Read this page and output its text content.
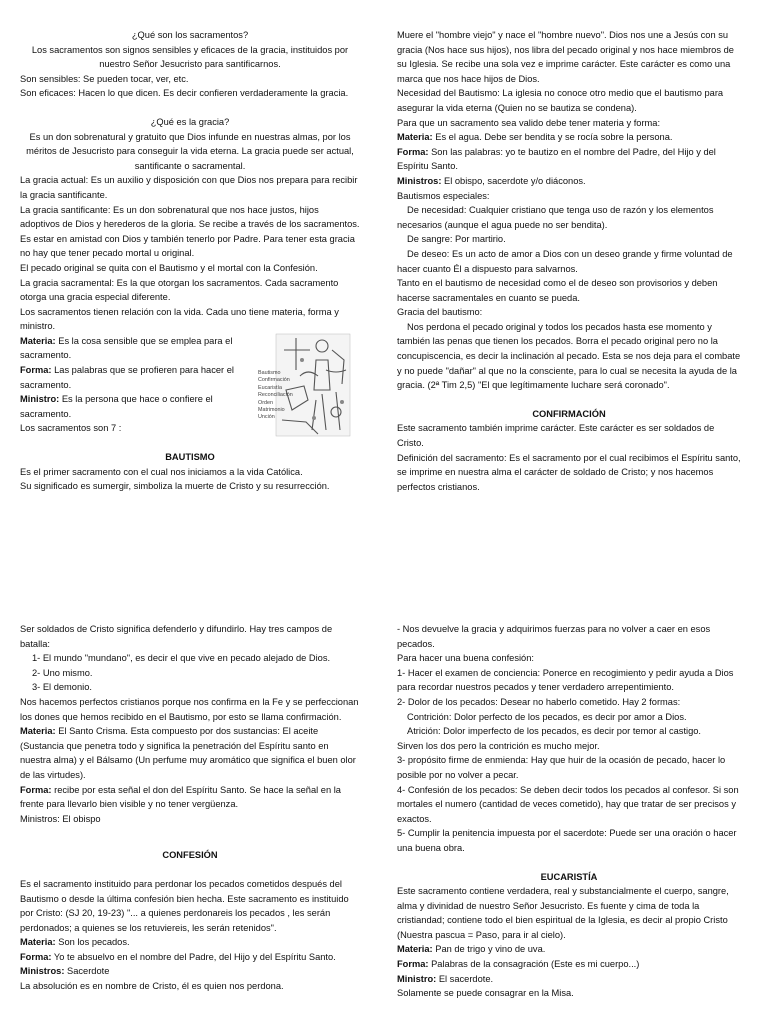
¿Qué son los sacramentos?

Los sacramentos son signos sensibles y eficaces de la gracia, instituidos por nuestro Señor Jesucristo para santificarnos.

Son sensibles: Se pueden tocar, ver, etc.

Son eficaces: Hacen lo que dicen. Es decir confieren verdaderamente la gracia.

¿Qué es la gracia?

Es un don sobrenatural y gratuito que Dios infunde en nuestras almas, por los méritos de Jesucristo para conseguir la vida eterna. La gracia puede ser actual, santificante o sacramental.

La gracia actual: Es un auxilio y disposición con que Dios nos prepara para recibir la gracia santificante.

La gracia santificante: Es un don sobrenatural que nos hace justos, hijos adoptivos de Dios y herederos de la gloria. Se recibe a través de los sacramentos. Es estar en amistad con Dios y también tenerlo por Padre. Para tener esta gracia no hay que tener pecado mortal u original.

El pecado original se quita con el Bautismo y el mortal con la Confesión.

La gracia sacramental: Es la que otorgan los sacramentos. Cada sacramento otorga una gracia especial diferente.

Los sacramentos tienen relación con la vida. Cada uno tiene materia, forma y ministro.

Materia: Es la cosa sensible que se emplea para el sacramento.

Forma: Las palabras que se profieren para hacer el sacramento.

Ministro: Es la persona que hace o confiere el sacramento.

Los sacramentos son 7 :

BAUTISMO

Es el primer sacramento con el cual nos iniciamos a la vida Católica.

Su significado es sumergir, simboliza la muerte de Cristo y su resurrección.

Bautismo
Confirmación
Eucaristía
Reconciliación
Orden
Matrimonio
Unción

Muere el "hombre viejo" y nace el "hombre nuevo". Dios nos une a Jesús con su gracia (Nos hace sus hijos), nos libra del pecado original y nos hace miembros de su Iglesia. Se recibe una sola vez e imprime carácter. Este carácter es como una marca que nos hace hijos de Dios.

Necesidad del Bautismo: La iglesia no conoce otro medio que el bautismo para asegurar la vida eterna (Quien no se bautiza se condena).

Para que un sacramento sea valido debe tener materia y forma:

Materia: Es el agua. Debe ser bendita y se rocía sobre la persona.

Forma: Son las palabras: yo te bautizo en el nombre del Padre, del Hijo y del Espíritu Santo.

Ministros: El obispo, sacerdote y/o diáconos.

Bautismos especiales:

De necesidad: Cualquier cristiano que tenga uso de razón y los elementos necesarios (aunque el agua puede no ser bendita).

De sangre: Por martirio.

De deseo: Es un acto de amor a Dios con un deseo grande y firme voluntad de hacer cuanto Él a dispuesto para salvarnos.

Tanto en el bautismo de necesidad como el de deseo son provisorios y deben hacerse sacramentales en cuanto se pueda.

Gracia del bautismo:

Nos perdona el pecado original y todos los pecados hasta ese momento y también las penas que tienen los pecados. Borra el pecado original pero no la concupiscencia, es decir la inclinación al pecado. Esta se nos deja para el combate y no puede "dañar" al que no la consciente, para lo cual se necesita la ayuda de la gracia. (2ª Tim 2,5) "El que legítimamente luchare será coronado".

CONFIRMACIÓN

Este sacramento también imprime carácter. Este carácter es ser soldados de Cristo.

Definición del sacramento: Es el sacramento por el cual recibimos el Espíritu santo, se imprime en nuestra alma el carácter de soldado de Cristo; y nos hacemos perfectos cristianos.

Ser soldados de Cristo significa defenderlo y difundirlo. Hay tres campos de batalla:

1- El mundo "mundano", es decir el que vive en pecado alejado de Dios.

2- Uno mismo.

3- El demonio.

Nos hacemos perfectos cristianos porque nos confirma en la Fe y se perfeccionan los dones que hemos recibido en el Bautismo, por esto se llama confirmación.

Materia: El Santo Crisma. Esta compuesto por dos sustancias: El aceite (Sustancia que penetra todo y significa la penetración del Espíritu santo en nuestra alma) y el Bálsamo (Un perfume muy aromático que significa el buen olor de las virtudes).

Forma: recibe por esta señal el don del Espíritu Santo. Se hace la señal en la frente para llevarlo bien visible y no tener vergüenza.

Ministros: El obispo

CONFESIÓN

Es el sacramento instituido para perdonar los pecados cometidos después del Bautismo o desde la última confesión bien hecha. Este sacramento es instituido por Cristo: (SJ 20, 19-23) "... a quienes perdonareis los pecados , les serán perdonados; a quienes se los retuviereis, les serán retenidos".

Materia: Son los pecados.

Forma: Yo te absuelvo en el nombre del Padre, del Hijo y del Espíritu Santo.

Ministros: Sacerdote

La absolución es en nombre de Cristo, él es quien nos perdona.

- Nos devuelve la gracia y adquirimos fuerzas para no volver a caer en esos pecados.

Para hacer una buena confesión:

1- Hacer el examen de conciencia: Ponerce en recogimiento y pedir ayuda a Dios para recordar nuestros pecados y tener verdadero arrepentimiento.

2- Dolor de los pecados: Desear no haberlo cometido. Hay 2 formas:

Contrición: Dolor perfecto de los pecados, es decir por amor a Dios.

Atrición: Dolor imperfecto de los pecados, es decir por temor al castigo.

Sirven los dos pero la contrición es mucho mejor.

3- propósito firme de enmienda: Hay que huir de la ocasión de pecado, hacer lo posible por no volver a pecar.

4- Confesión de los pecados: Se deben decir todos los pecados al confesor. Si son mortales el numero (cantidad de veces cometido), hay que tratar de ser precisos y exactos.

5- Cumplir la penitencia impuesta por el sacerdote: Puede ser una oración o hacer una buena obra.

EUCARISTÍA

Este sacramento contiene verdadera, real y substancialmente el cuerpo, sangre, alma y divinidad de nuestro Señor Jesucristo. Es fuente y cima de toda la cristiandad; contiene todo el bien espiritual de la Iglesia, es decir al propio Cristo (Nuestra pascua = Paso, para ir al cielo).

Materia: Pan de trigo y vino de uva.

Forma: Palabras de la consagración (Este es mi cuerpo...)

Ministro: El sacerdote.

Solamente se puede consagrar en la Misa.
